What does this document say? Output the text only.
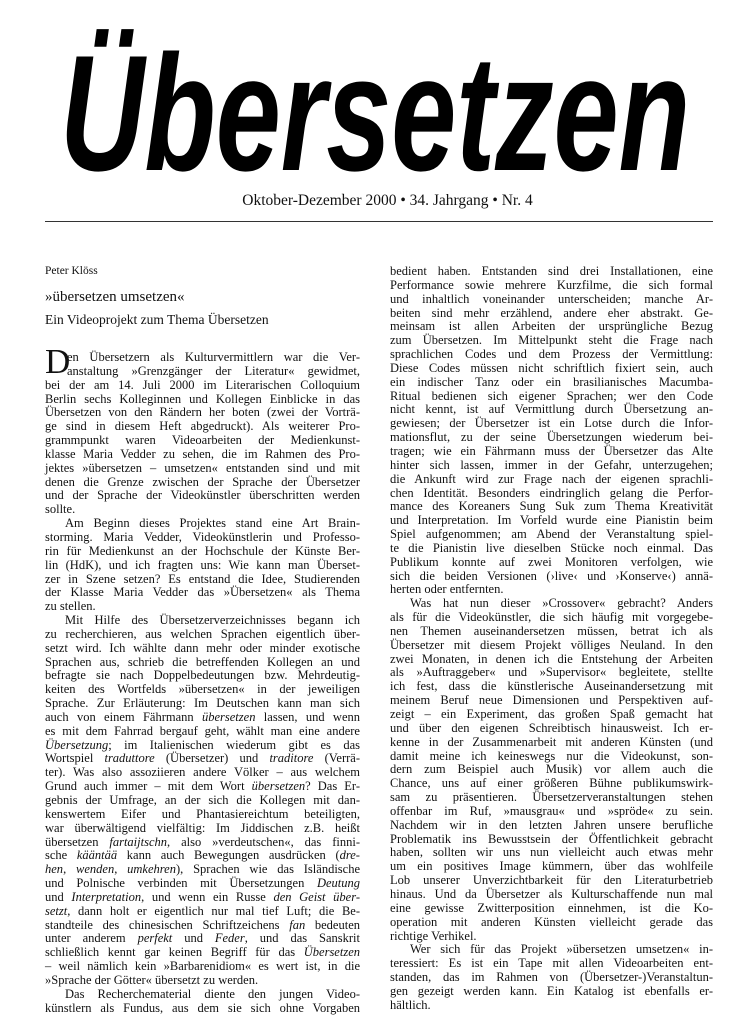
Übersetzen
Oktober-Dezember 2000 • 34. Jahrgang • Nr. 4
Peter Klöss
»übersetzen umsetzen«
Ein Videoprojekt zum Thema Übersetzen
D
en Übersetzern als Kulturvermittlern war die Ver-
anstaltung »Grenzgänger der Literatur« gewidmet,
bei der am 14. Juli 2000 im Literarischen Colloquium
Berlin sechs Kolleginnen und Kollegen Einblicke in das
Übersetzen von den Rändern her boten (zwei der Vorträ-
ge sind in diesem Heft abgedruckt). Als weiterer Pro-
grammpunkt waren Videoarbeiten der Medienkunst-
klasse Maria Vedder zu sehen, die im Rahmen des Pro-
jektes »übersetzen – umsetzen« entstanden sind und mit
denen die Grenze zwischen der Sprache der Übersetzer
und der Sprache der Videokünstler überschritten werden
sollte.
Am Beginn dieses Projektes stand eine Art Brain-
storming. Maria Vedder, Videokünstlerin und Professo-
rin für Medienkunst an der Hochschule der Künste Ber-
lin (HdK), und ich fragten uns: Wie kann man Überset-
zer in Szene setzen? Es entstand die Idee, Studierenden
der Klasse Maria Vedder das »Übersetzen« als Thema
zu stellen.
Mit Hilfe des Übersetzerverzeichnisses begann ich
zu recherchieren, aus welchen Sprachen eigentlich über-
setzt wird. Ich wählte dann mehr oder minder exotische
Sprachen aus, schrieb die betreffenden Kollegen an und
befragte sie nach Doppelbedeutungen bzw. Mehrdeutig-
keiten des Wortfelds »übersetzen« in der jeweiligen
Sprache. Zur Erläuterung: Im Deutschen kann man sich
auch von einem Fährmann übersetzen lassen, und wenn
es mit dem Fahrrad bergauf geht, wählt man eine andere
Übersetzung; im Italienischen wiederum gibt es das
Wortspiel traduttore (Übersetzer) und traditore (Verrä-
ter). Was also assoziieren andere Völker – aus welchem
Grund auch immer – mit dem Wort übersetzen? Das Er-
gebnis der Umfrage, an der sich die Kollegen mit dan-
kenswertem Eifer und Phantasiereichtum beteiligten,
war überwältigend vielfältig: Im Jiddischen z.B. heißt
übersetzen fartaijtschn, also »verdeutschen«, das finni-
sche kääntää kann auch Bewegungen ausdrücken (dre-
hen, wenden, umkehren), Sprachen wie das Isländische
und Polnische verbinden mit Übersetzungen Deutung
und Interpretation, und wenn ein Russe den Geist über-
setzt, dann holt er eigentlich nur mal tief Luft; die Be-
standteile des chinesischen Schriftzeichens fan bedeuten
unter anderem perfekt und Feder, und das Sanskrit
schließlich kennt gar keinen Begriff für das Übersetzen
– weil nämlich kein »Barbarenidiom« es wert ist, in die
»Sprache der Götter« übersetzt zu werden.
Das Recherchematerial diente den jungen Video-
künstlern als Fundus, aus dem sie sich ohne Vorgaben
bedient haben. Entstanden sind drei Installationen, eine
Performance sowie mehrere Kurzfilme, die sich formal
und inhaltlich voneinander unterscheiden; manche Ar-
beiten sind mehr erzählend, andere eher abstrakt. Ge-
meinsam ist allen Arbeiten der ursprüngliche Bezug
zum Übersetzen. Im Mittelpunkt steht die Frage nach
sprachlichen Codes und dem Prozess der Vermittlung:
Diese Codes müssen nicht schriftlich fixiert sein, auch
ein indischer Tanz oder ein brasilianisches Macumba-
Ritual bedienen sich eigener Sprachen; wer den Code
nicht kennt, ist auf Vermittlung durch Übersetzung an-
gewiesen; der Übersetzer ist ein Lotse durch die Infor-
mationsflut, zu der seine Übersetzungen wiederum bei-
tragen; wie ein Fährmann muss der Übersetzer das Alte
hinter sich lassen, immer in der Gefahr, unterzugehen;
die Ankunft wird zur Frage nach der eigenen sprachli-
chen Identität. Besonders eindringlich gelang die Perfor-
mance des Koreaners Sung Suk zum Thema Kreativität
und Interpretation. Im Vorfeld wurde eine Pianistin beim
Spiel aufgenommen; am Abend der Veranstaltung spiel-
te die Pianistin live dieselben Stücke noch einmal. Das
Publikum konnte auf zwei Monitoren verfolgen, wie
sich die beiden Versionen (›live‹ und ›Konserve‹) annä-
herten oder entfernten.
Was hat nun dieser »Crossover« gebracht? Anders
als für die Videokünstler, die sich häufig mit vorgegebe-
nen Themen auseinandersetzen müssen, betrat ich als
Übersetzer mit diesem Projekt völliges Neuland. In den
zwei Monaten, in denen ich die Entstehung der Arbeiten
als »Auftraggeber« und »Supervisor« begleitete, stellte
ich fest, dass die künstlerische Auseinandersetzung mit
meinem Beruf neue Dimensionen und Perspektiven auf-
zeigt – ein Experiment, das großen Spaß gemacht hat
und über den eigenen Schreibtisch hinausweist. Ich er-
kenne in der Zusammenarbeit mit anderen Künsten (und
damit meine ich keineswegs nur die Videokunst, son-
dern zum Beispiel auch Musik) vor allem auch die
Chance, uns auf einer größeren Bühne publikumswirk-
sam zu präsentieren. Übersetzerveranstaltungen stehen
offenbar im Ruf, »mausgrau« und »spröde« zu sein.
Nachdem wir in den letzten Jahren unsere berufliche
Problematik ins Bewusstsein der Öffentlichkeit gebracht
haben, sollten wir uns nun vielleicht auch etwas mehr
um ein positives Image kümmern, über das wohlfeile
Lob unserer Unverzichtbarkeit für den Literaturbetrieb
hinaus. Und da Übersetzer als Kulturschaffende nun mal
eine gewisse Zwitterposition einnehmen, ist die Ko-
operation mit anderen Künsten vielleicht gerade das
richtige Verhikel.
Wer sich für das Projekt »übersetzen umsetzen« in-
teressiert: Es ist ein Tape mit allen Videoarbeiten ent-
standen, das im Rahmen von (Übersetzer-)Veranstaltun-
gen gezeigt werden kann. Ein Katalog ist ebenfalls er-
hältlich.
